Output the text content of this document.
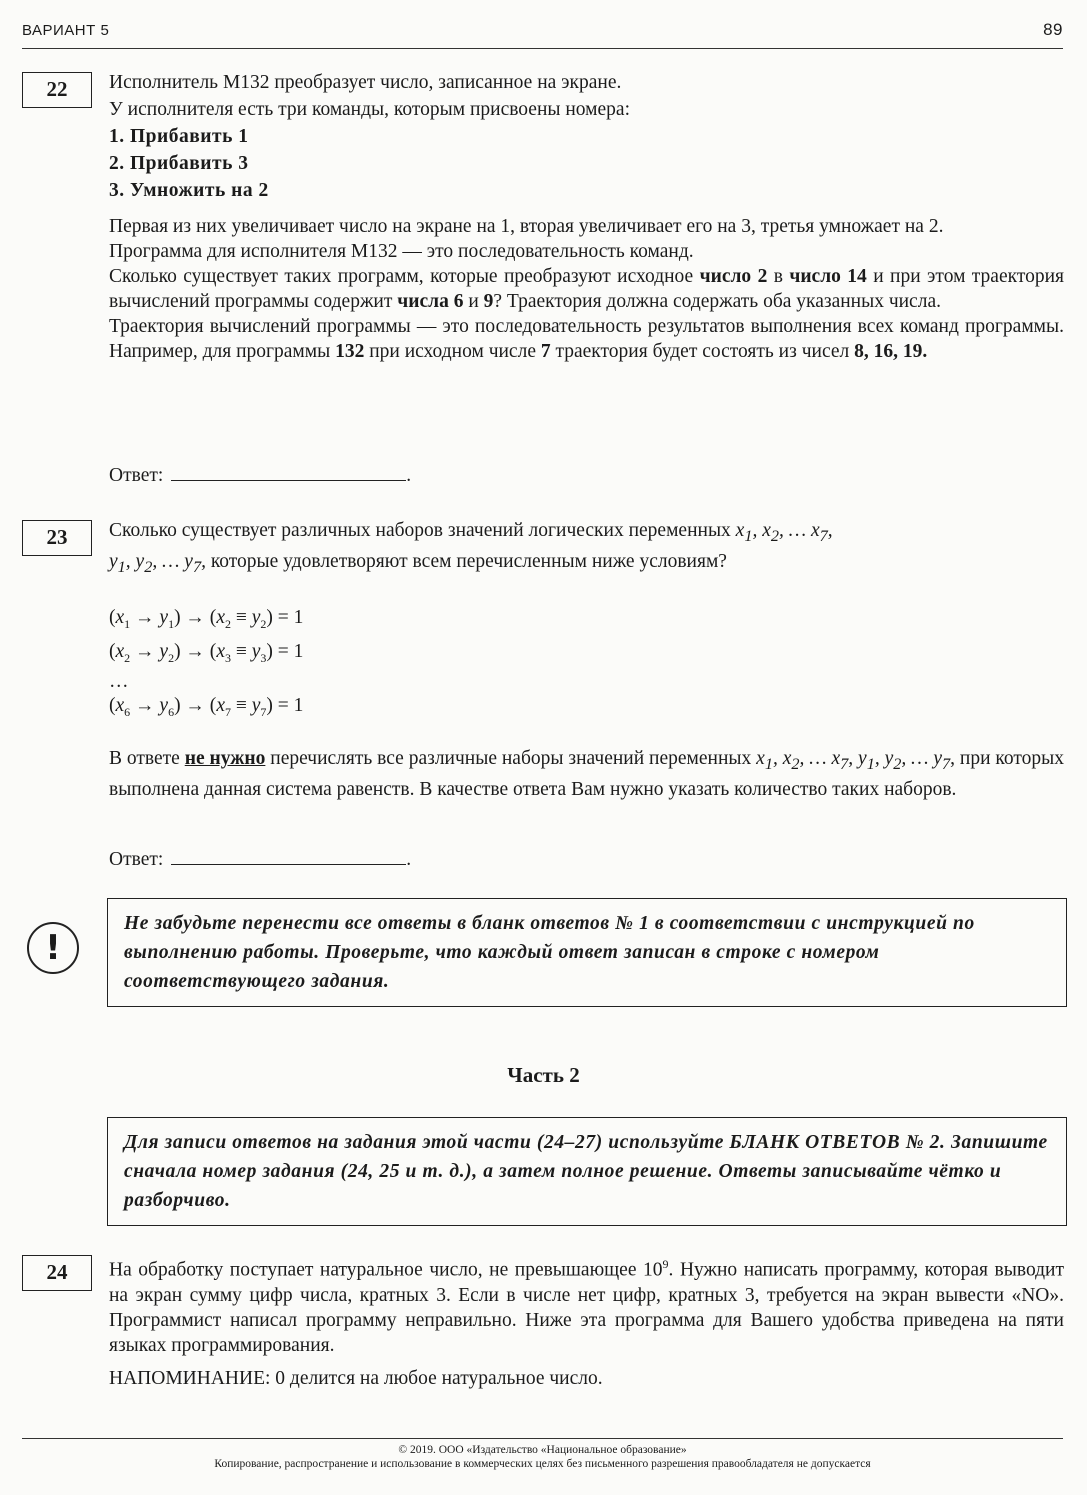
ВАРИАНТ 5	89
22	Исполнитель М132 преобразует число, записанное на экране.

У исполнителя есть три команды, которым присвоены номера:

1. Прибавить 1

2. Прибавить 3

3. Умножить на 2

Первая из них увеличивает число на экране на 1, вторая увеличивает его на 3, третья умножает на 2.

Программа для исполнителя М132 — это последовательность команд.

Сколько существует таких программ, которые преобразуют исходное число 2 в число 14 и при этом траектория вычислений программы содержит числа 6 и 9? Траектория должна содержать оба указанных числа.

Траектория вычислений программы — это последовательность результатов выполнения всех команд программы. Например, для программы 132 при исходном числе 7 траектория будет состоять из чисел 8, 16, 19.

Ответ:	.
23	Сколько существует различных наборов значений логических переменных $x_1$, $x_2$, … $x_7$,

$y_1$, $y_2$, … $y_7$, которые удовлетворяют всем перечисленным ниже условиям?

$(x_1 \to y_1) \to (x_2 \equiv y_2) = 1$
$(x_2 \to y_2) \to (x_3 \equiv y_3) = 1$
…
$(x_6 \to y_6) \to (x_7 \equiv y_7) = 1$

В ответе не нужно перечислять все различные наборы значений переменных $x_1$, $x_2$, … $x_7$, $y_1$, $y_2$, … $y_7$, при которых выполнена данная система равенств. В качестве ответа Вам нужно указать количество таких наборов.

Ответ:	.
!
Не забудьте перенести все ответы в бланк ответов № 1 в соответствии с инструкцией по выполнению работы. Проверьте, что каждый ответ записан в строке с номером соответствующего задания.
Часть 2
Для записи ответов на задания этой части (24–27) используйте БЛАНК ОТВЕТОВ № 2. Запишите сначала номер задания (24, 25 и т. д.), а затем полное решение. Ответы записывайте чётко и разборчиво.
24	На обработку поступает натуральное число, не превышающее $10^9$. Нужно написать программу, которая выводит на экран сумму цифр числа, кратных 3. Если в числе нет цифр, кратных 3, требуется на экран вывести «NO». Программист написал программу неправильно. Ниже эта программа для Вашего удобства приведена на пяти языках программирования.

НАПОМИНАНИЕ: 0 делится на любое натуральное число.

© 2019. ООО «Издательство «Национальное образование»
Копирование, распространение и использование в коммерческих целях без письменного разрешения правообладателя не допускается
